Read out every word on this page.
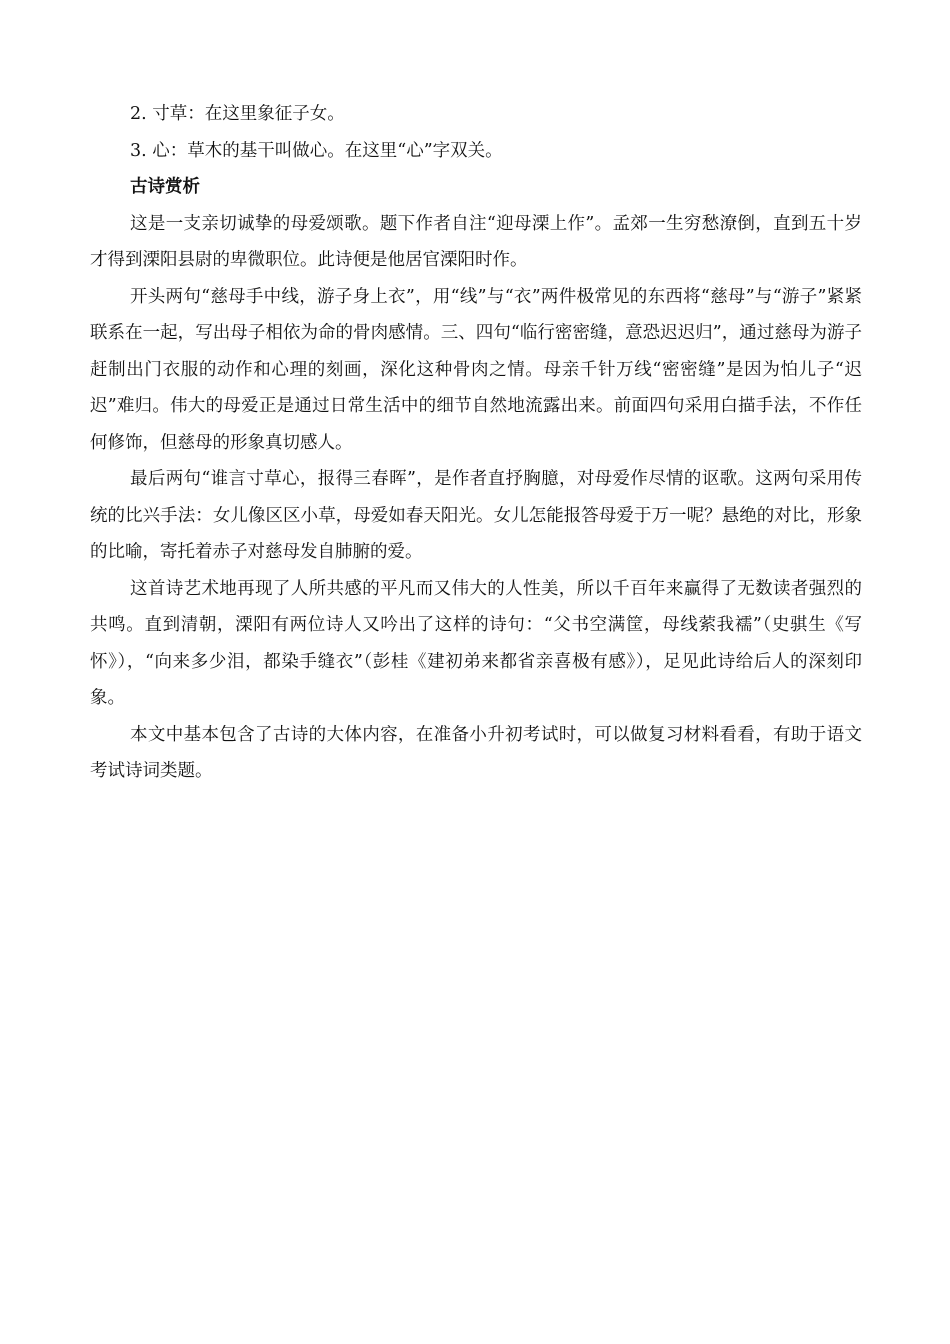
2. 寸草：在这里象征子女。
3. 心：草木的基干叫做心。在这里“心”字双关。
古诗赏析

这是一支亲切诚挚的母爱颂歌。题下作者自注“迎母溧上作”。孟郊一生穷愁潦倒，直到五十岁才得到溧阳县尉的卑微职位。此诗便是他居官溧阳时作。

开头两句“慈母手中线，游子身上衣”，用“线”与“衣”两件极常见的东西将“慈母”与“游子”紧紧联系在一起，写出母子相依为命的骨肉感情。三、四句“临行密密缝，意恐迟迟归”，通过慈母为游子赶制出门衣服的动作和心理的刻画，深化这种骨肉之情。母亲千针万线“密密缝”是因为怕儿子“迟迟”难归。伟大的母爱正是通过日常生活中的细节自然地流露出来。前面四句采用白描手法，不作任何修饰，但慈母的形象真切感人。

最后两句“谁言寸草心，报得三春晖”，是作者直抒胸臆，对母爱作尽情的讴歌。这两句采用传统的比兴手法：女儿像区区小草，母爱如春天阳光。女儿怎能报答母爱于万一呢？悬绝的对比，形象的比喻，寄托着赤子对慈母发自肺腑的爱。

这首诗艺术地再现了人所共感的平凡而又伟大的人性美，所以千百年来赢得了无数读者强烈的共鸣。直到清朝，溧阳有两位诗人又吟出了这样的诗句：“父书空满筐，母线萦我襦”（史骐生《写怀》），“向来多少泪，都染手缝衣”（彭桂《建初弟来都省亲喜极有感》），足见此诗给后人的深刻印象。

本文中基本包含了古诗的大体内容，在准备小升初考试时，可以做复习材料看看，有助于语文考试诗词类题。
